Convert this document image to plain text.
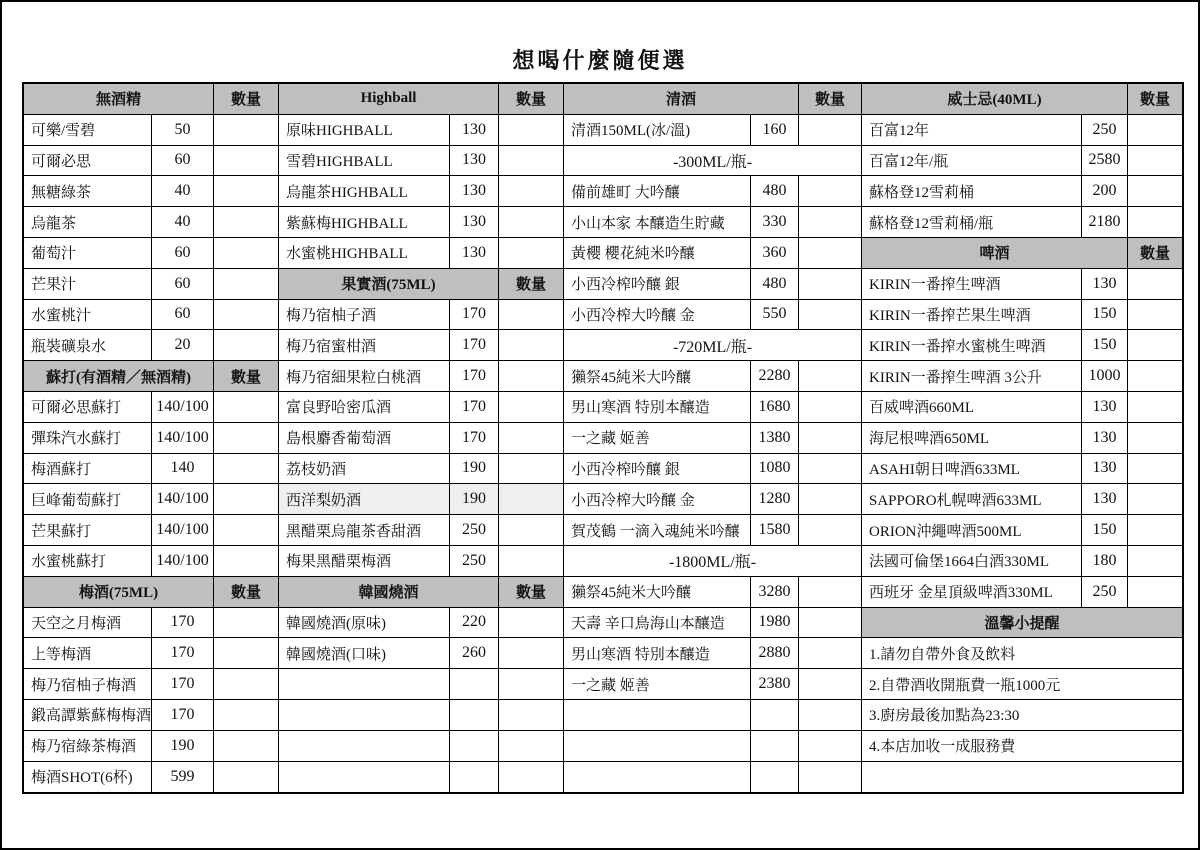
想喝什麼隨便選
無酒精	數量
可樂/雪碧	50
可爾必思	60
無糖綠茶	40
烏龍茶	40
葡萄汁	60
芒果汁	60
水蜜桃汁	60
瓶裝礦泉水	20
蘇打(有酒精／無酒精)	數量
可爾必思蘇打	140/100
彈珠汽水蘇打	140/100
梅酒蘇打	140
巨峰葡萄蘇打	140/100
芒果蘇打	140/100
水蜜桃蘇打	140/100
梅酒(75ML)	數量
天空之月梅酒	170
上等梅酒	170
梅乃宿柚子梅酒	170
鍛高譚紫蘇梅梅酒	170
梅乃宿綠茶梅酒	190
梅酒SHOT(6杯)	599
Highball	數量
原味HIGHBALL	130
雪碧HIGHBALL	130
烏龍茶HIGHBALL	130
紫蘇梅HIGHBALL	130
水蜜桃HIGHBALL	130
果實酒(75ML)	數量
梅乃宿柚子酒	170
梅乃宿蜜柑酒	170
梅乃宿細果粒白桃酒	170
富良野哈密瓜酒	170
島根麝香葡萄酒	170
荔枝奶酒	190
西洋梨奶酒	190
黑醋栗烏龍茶香甜酒	250
梅果黑醋栗梅酒	250
韓國燒酒	數量
韓國燒酒(原味)	220
韓國燒酒(口味)	260
清酒	數量
清酒150ML(冰/溫)	160
-300ML/瓶-
備前雄町 大吟釀	480
小山本家 本釀造生貯藏	330
黃櫻 櫻花純米吟釀	360
小西冷榨吟釀 銀	480
小西冷榨大吟釀 金	550
-720ML/瓶-
獺祭45純米大吟釀	2280
男山寒酒 特別本釀造	1680
一之藏 姬善	1380
小西冷榨吟釀 銀	1080
小西冷榨大吟釀 金	1280
賀茂鶴 一滴入魂純米吟釀	1580
-1800ML/瓶-
獺祭45純米大吟釀	3280
天壽 辛口鳥海山本釀造	1980
男山寒酒 特別本釀造	2880
一之藏 姬善	2380
威士忌(40ML)	數量
百富12年	250
百富12年/瓶	2580
蘇格登12雪莉桶	200
蘇格登12雪莉桶/瓶	2180
啤酒	數量
KIRIN一番搾生啤酒	130
KIRIN一番搾芒果生啤酒	150
KIRIN一番搾水蜜桃生啤酒	150
KIRIN一番搾生啤酒 3公升	1000
百威啤酒660ML	130
海尼根啤酒650ML	130
ASAHI朝日啤酒633ML	130
SAPPORO札幌啤酒633ML	130
ORION沖繩啤酒500ML	150
法國可倫堡1664白酒330ML	180
西班牙 金星頂級啤酒330ML	250
溫馨小提醒
1.請勿自帶外食及飲料
2.自帶酒收開瓶費一瓶1000元
3.廚房最後加點為23:30
4.本店加收一成服務費
